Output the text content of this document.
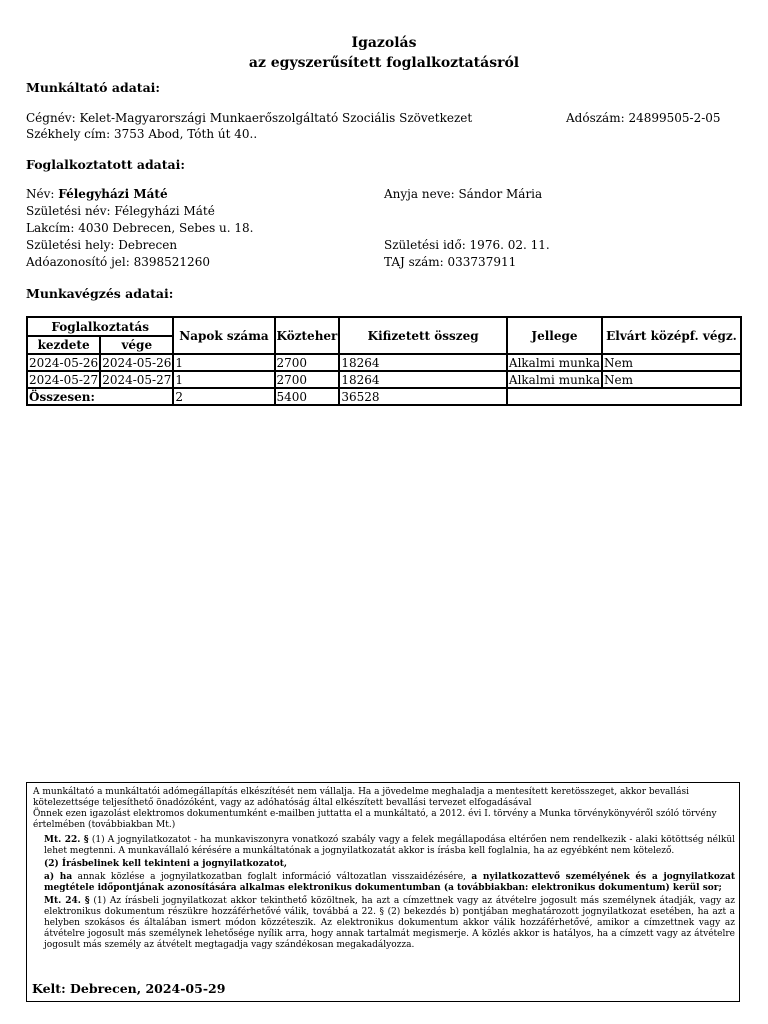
Igazolás
az egyszerűsített foglalkoztatásról
Munkáltató adatai:
Cégnév: Kelet-Magyarországi Munkaerőszolgáltató Szociális Szövetkezet	Adószám: 24899505-2-05
Székhely cím: 3753 Abod, Tóth út 40..
Foglalkoztatott adatai:
Név: Félegyházi Máté	Anyja neve: Sándor Mária
Születési név: Félegyházi Máté
Lakcím: 4030 Debrecen, Sebes u. 18.
Születési hely: Debrecen	Születési idő: 1976. 02. 11.
Adóazonosító jel: 8398521260	TAJ szám: 033737911
Munkavégzés adatai:
Foglalkoztatás		Napok száma	Közteher	Kifizetett összeg	Jellege	Elvárt középf. végz.
kezdete	vége					
2024-05-26	2024-05-26	1	2700	18264	Alkalmi munka	Nem
2024-05-27	2024-05-27	1	2700	18264	Alkalmi munka	Nem
Összesen:		2	5400	36528		
A munkáltató a munkáltatói adómegállapítás elkészítését nem vállalja. Ha a jövedelme meghaladja a mentesített keretösszeget, akkor bevallási kötelezettsége teljesíthető önadózóként, vagy az adóhatóság által elkészített bevallási tervezet elfogadásával
Önnek ezen igazolást elektromos dokumentumként e-mailben juttatta el a munkáltató, a 2012. évi I. törvény a Munka törvénykönyvéről szóló törvény értelmében (továbbiakban Mt.)

Mt. 22. § (1) A jognyilatkozatot - ha munkaviszonyra vonatkozó szabály vagy a felek megállapodása eltérően nem rendelkezik - alaki kötöttség nélkül lehet megtenni. A munkavállaló kérésére a munkáltatónak a jognyilatkozatát akkor is írásba kell foglalnia, ha az egyébként nem kötelező.

(2) Írásbelinek kell tekinteni a jognyilatkozatot,

a) ha annak közlése a jognyilatkozatban foglalt információ változatlan visszaidézésére, a nyilatkozattevő személyének és a jognyilatkozat megtétele időpontjának azonosítására alkalmas elektronikus dokumentumban (a továbbiakban: elektronikus dokumentum) kerül sor;

Mt. 24. § (1) Az írásbeli jognyilatkozat akkor tekinthető közöltnek, ha azt a címzettnek vagy az átvételre jogosult más személynek átadják, vagy az elektronikus dokumentum részükre hozzáférhetővé válik, továbbá a 22. § (2) bekezdés b) pontjában meghatározott jognyilatkozat esetében, ha azt a helyben szokásos és általában ismert módon közzéteszik. Az elektronikus dokumentum akkor válik hozzáférhetővé, amikor a címzettnek vagy az átvételre jogosult más személynek lehetősége nyílik arra, hogy annak tartalmát megismerje. A közlés akkor is hatályos, ha a címzett vagy az átvételre jogosult más személy az átvételt megtagadja vagy szándékosan megakadályozza.

Kelt: Debrecen, 2024-05-29
